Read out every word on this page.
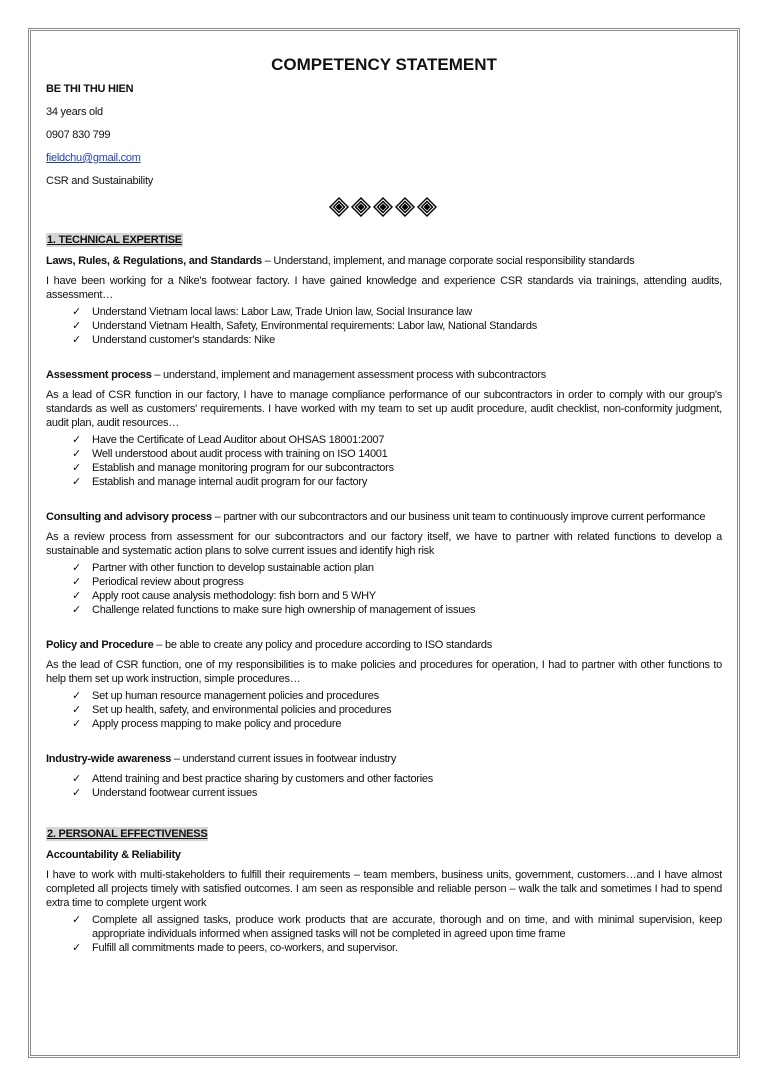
COMPETENCY STATEMENT
BE THI THU HIEN
34 years old
0907 830 799
fieldchu@gmail.com
CSR and Sustainability
1. TECHNICAL EXPERTISE
Laws, Rules, & Regulations, and Standards – Understand, implement, and manage corporate social responsibility standards
I have been working for a Nike's footwear factory. I have gained knowledge and experience CSR standards via trainings, attending audits, assessment…
✓ Understand Vietnam local laws: Labor Law, Trade Union law, Social Insurance law
✓ Understand Vietnam Health, Safety, Environmental requirements: Labor law, National Standards
✓ Understand customer's standards: Nike
Assessment process – understand, implement and management assessment process with subcontractors
As a lead of CSR function in our factory, I have to manage compliance performance of our subcontractors in order to comply with our group's standards as well as customers' requirements. I have worked with my team to set up audit procedure, audit checklist, non-conformity judgment, audit plan, audit resources…
✓ Have the Certificate of Lead Auditor about OHSAS 18001:2007
✓ Well understood about audit process with training on ISO 14001
✓ Establish and manage monitoring program for our subcontractors
✓ Establish and manage internal audit program for our factory
Consulting and advisory process – partner with our subcontractors and our business unit team to continuously improve current performance
As a review process from assessment for our subcontractors and our factory itself, we have to partner with related functions to develop a sustainable and systematic action plans to solve current issues and identify high risk
✓ Partner with other function to develop sustainable action plan
✓ Periodical review about progress
✓ Apply root cause analysis methodology: fish born and 5 WHY
✓ Challenge related functions to make sure high ownership of management of issues
Policy and Procedure – be able to create any policy and procedure according to ISO standards
As the lead of CSR function, one of my responsibilities is to make policies and procedures for operation, I had to partner with other functions to help them set up work instruction, simple procedures…
✓ Set up human resource management policies and procedures
✓ Set up health, safety, and environmental policies and procedures
✓ Apply process mapping to make policy and procedure
Industry-wide awareness – understand current issues in footwear industry
✓ Attend training and best practice sharing by customers and other factories
✓ Understand footwear current issues
2. PERSONAL EFFECTIVENESS
Accountability & Reliability
I have to work with multi-stakeholders to fulfill their requirements – team members, business units, government, customers…and I have almost completed all projects timely with satisfied outcomes. I am seen as responsible and reliable person – walk the talk and sometimes I had to spend extra time to complete urgent work
✓ Complete all assigned tasks, produce work products that are accurate, thorough and on time, and with minimal supervision, keep appropriate individuals informed when assigned tasks will not be completed in agreed upon time frame
✓ Fulfill all commitments made to peers, co-workers, and supervisor.
